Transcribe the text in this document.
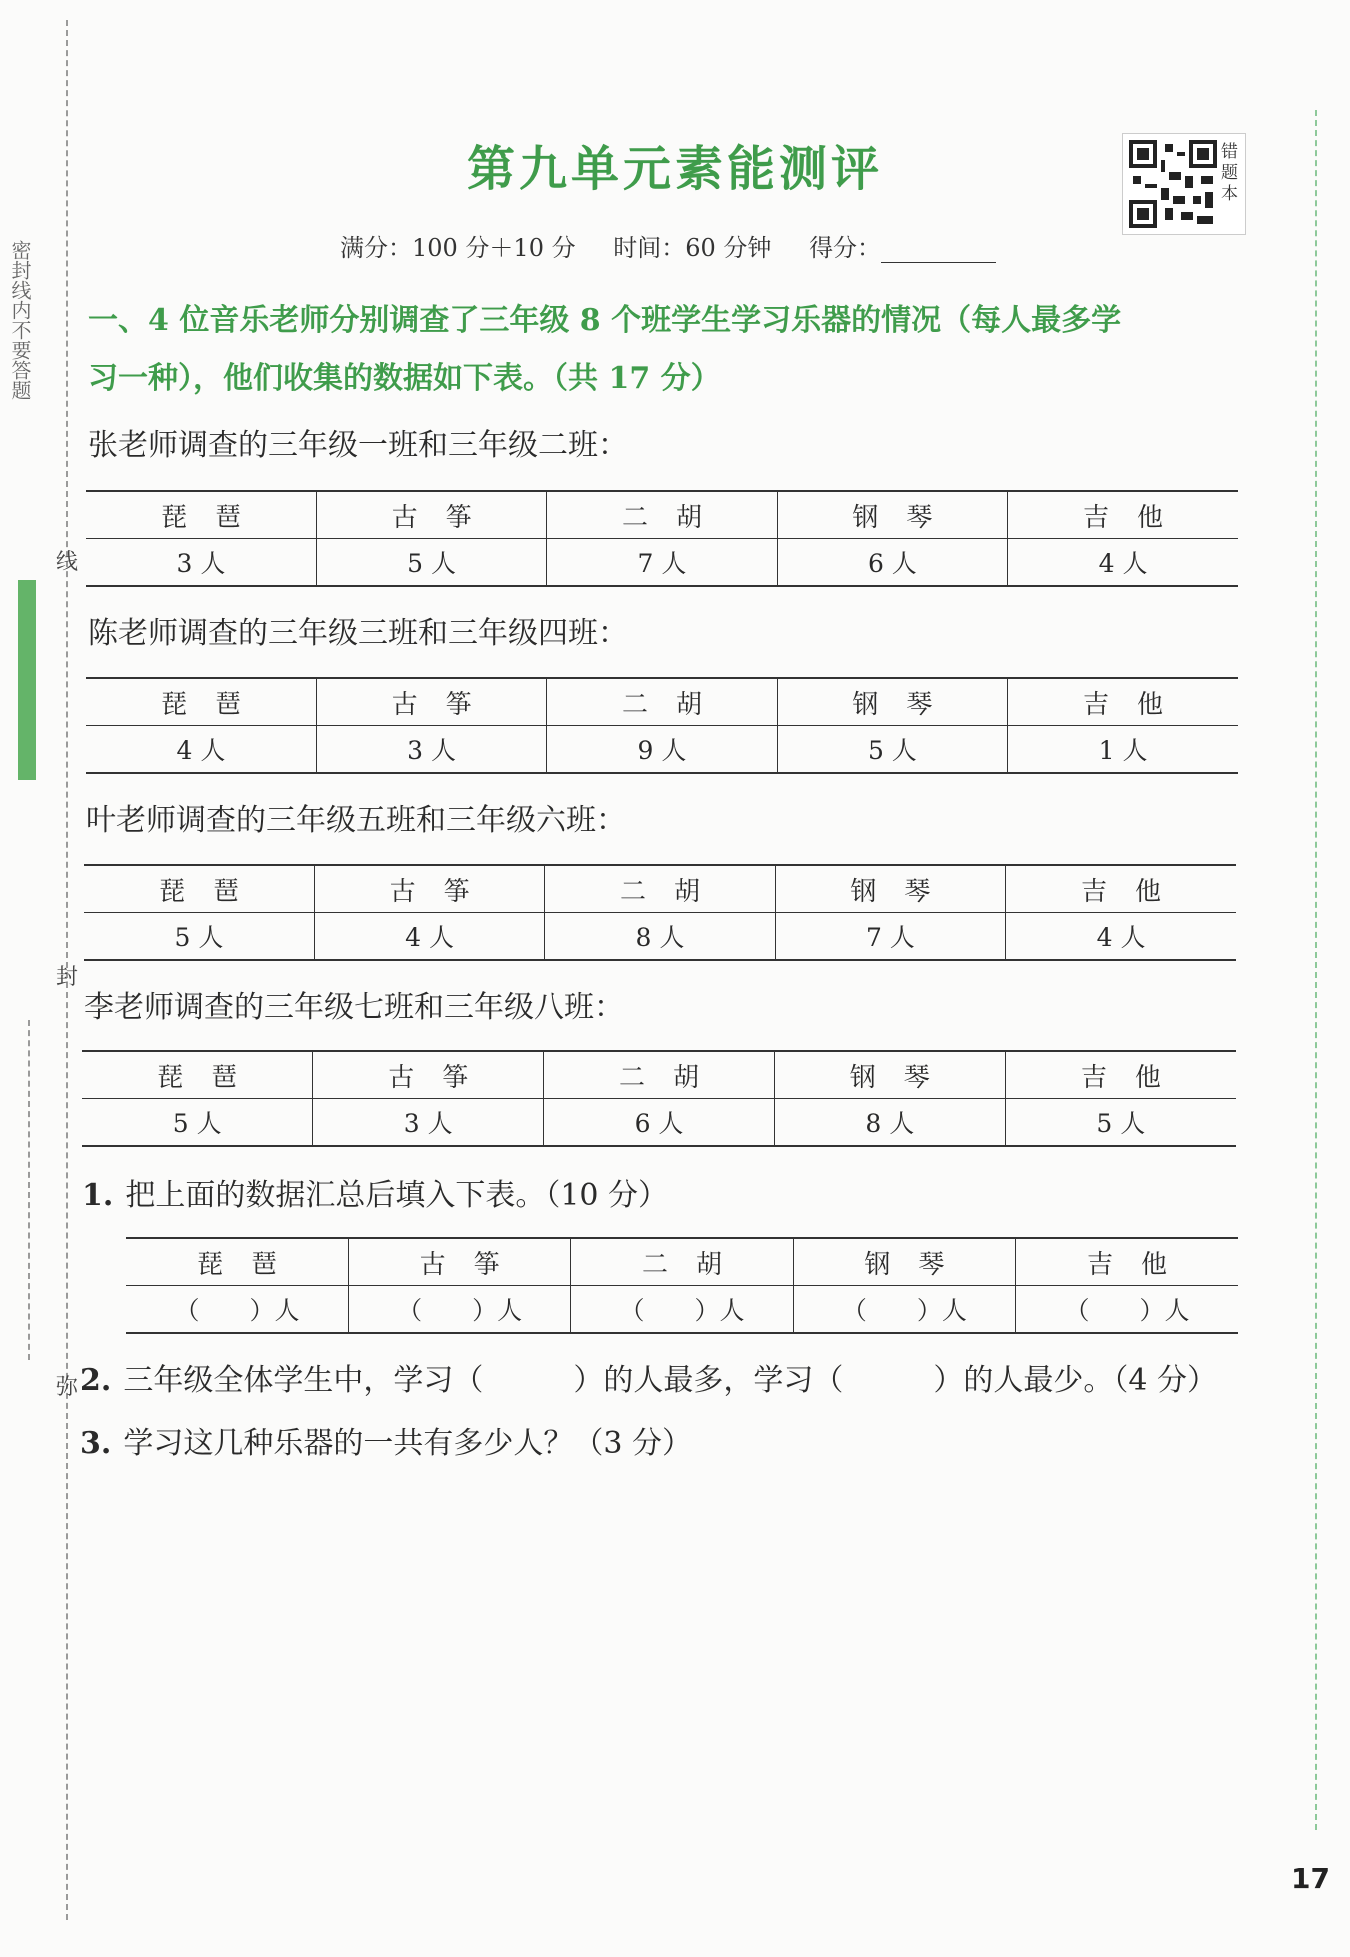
密封线内不要答题
线
封
弥
第九单元素能测评	错题本
满分：100 分＋10 分 时间：60 分钟 得分：
一、4 位音乐老师分别调查了三年级 8 个班学生学习乐器的情况（每人最多学
习一种），他们收集的数据如下表。（共 17 分）
张老师调查的三年级一班和三年级二班：
琵琶	古筝	二胡	钢琴	吉他
3 人	5 人	7 人	6 人	4 人
陈老师调查的三年级三班和三年级四班：
琵琶	古筝	二胡	钢琴	吉他
4 人	3 人	9 人	5 人	1 人
叶老师调查的三年级五班和三年级六班：
琵琶	古筝	二胡	钢琴	吉他
5 人	4 人	8 人	7 人	4 人
李老师调查的三年级七班和三年级八班：
琵琶	古筝	二胡	钢琴	吉他
5 人	3 人	6 人	8 人	5 人
1. 把上面的数据汇总后填入下表。（10 分）
琵琶	古筝	二胡	钢琴	吉他
（　　）人	（　　）人	（　　）人	（　　）人	（　　）人
2. 三年级全体学生中，学习（　　　）的人最多，学习（　　　）的人最少。（4 分）
3. 学习这几种乐器的一共有多少人？（3 分）
17
